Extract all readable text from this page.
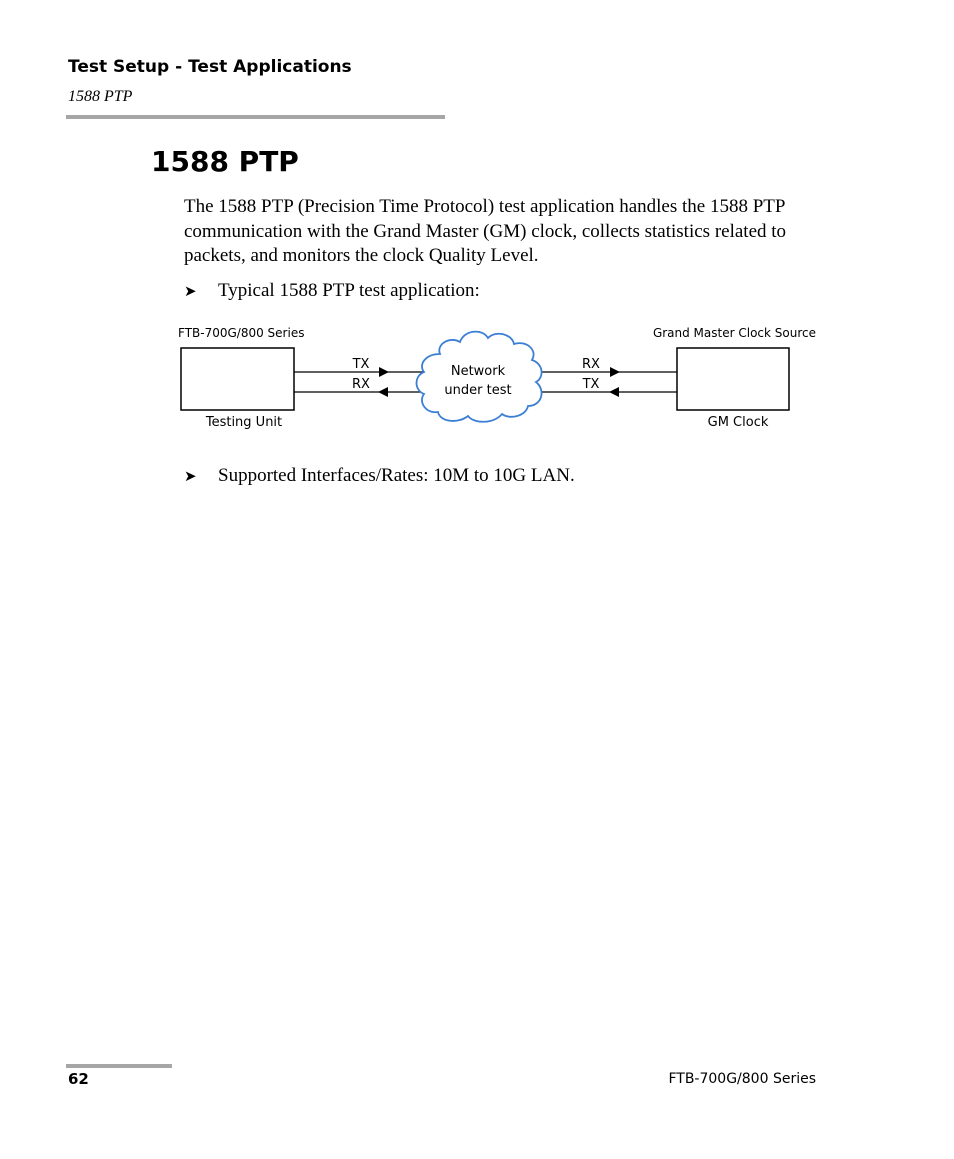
Test Setup - Test Applications
1588 PTP
1588 PTP

The 1588 PTP (Precision Time Protocol) test application handles the 1588 PTP communication with the Grand Master (GM) clock, collects statistics related to packets, and monitors the clock Quality Level.

➤	Typical 1588 PTP test application:
FTB-700G/800 Series	Grand Master Clock Source
Testing Unit	GM Clock
TX
RX
RX
TX
Network
under test
➤	Supported Interfaces/Rates: 10M to 10G LAN.
62	FTB-700G/800 Series
